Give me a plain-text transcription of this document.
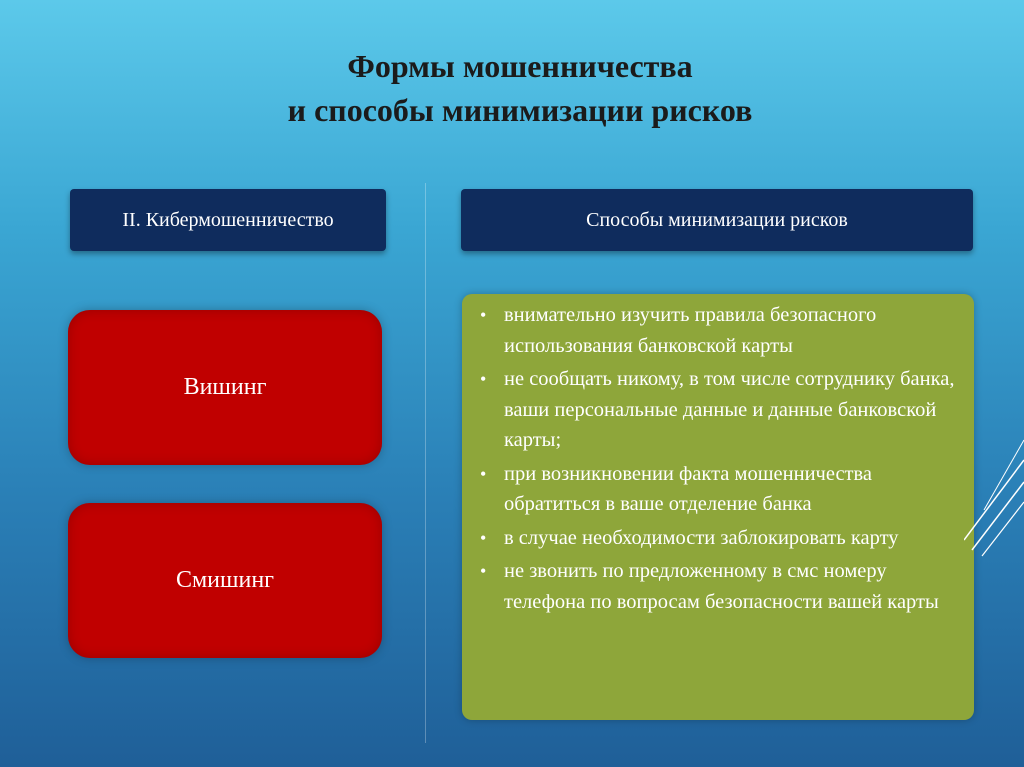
Формы мошенничества
и способы минимизации рисков
II. Кибермошенничество	Способы минимизации рисков
Вишинг
Смишинг
• внимательно изучить правила безопасного использования банковской карты
• не сообщать никому, в том числе сотруднику банка, ваши персональные данные и данные банковской карты;
• при возникновении факта мошенничества обратиться в ваше отделение банка
• в случае необходимости заблокировать карту
• не звонить по предложенному в смс номеру телефона по вопросам безопасности вашей карты
